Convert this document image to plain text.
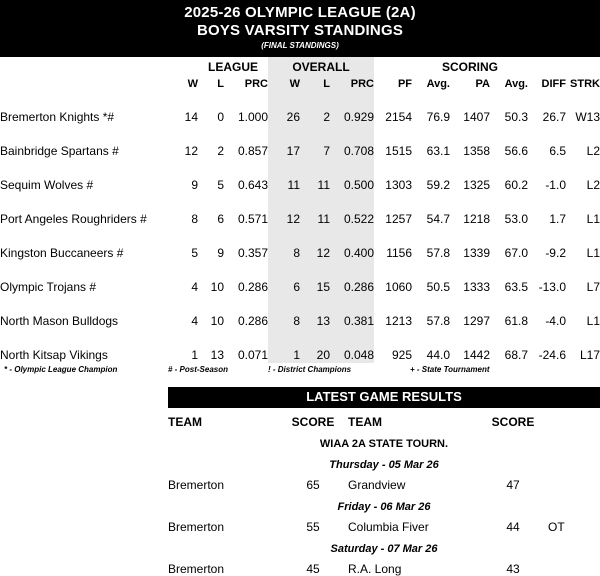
2025-26 OLYMPIC LEAGUE (2A)
BOYS VARSITY STANDINGS
(FINAL STANDINGS)
		LEAGUE		OVERALL			SCORING					
	W	L	PRC	W	L	PRC	PF	Avg.	PA	Avg.	DIFF	STRK
Bremerton Knights *#	14	0	1.000	26	2	0.929	2154	76.9	1407	50.3	26.7	W13
Bainbridge Spartans #	12	2	0.857	17	7	0.708	1515	63.1	1358	56.6	6.5	L2
Sequim Wolves #	9	5	0.643	11	11	0.500	1303	59.2	1325	60.2	-1.0	L2
Port Angeles Roughriders #	8	6	0.571	12	11	0.522	1257	54.7	1218	53.0	1.7	L1
Kingston Buccaneers #	5	9	0.357	8	12	0.400	1156	57.8	1339	67.0	-9.2	L1
Olympic Trojans #	4	10	0.286	6	15	0.286	1060	50.5	1333	63.5	-13.0	L7
North Mason Bulldogs	4	10	0.286	8	13	0.381	1213	57.8	1297	61.8	-4.0	L1
North Kitsap Vikings	1	13	0.071	1	20	0.048	925	44.0	1442	68.7	-24.6	L17
* - Olympic League Champion	# - Post-Season	! - District Champions	+ - State Tournament
LATEST GAME RESULTS
TEAM	SCORE	TEAM	SCORE	
WIAA 2A STATE TOURN.				
Thursday - 05 Mar 26				
Bremerton	65	Grandview	47	
Friday - 06 Mar 26				
Bremerton	55	Columbia Fiver	44	OT
Saturday - 07 Mar 26				
Bremerton	45	R.A. Long	43	
